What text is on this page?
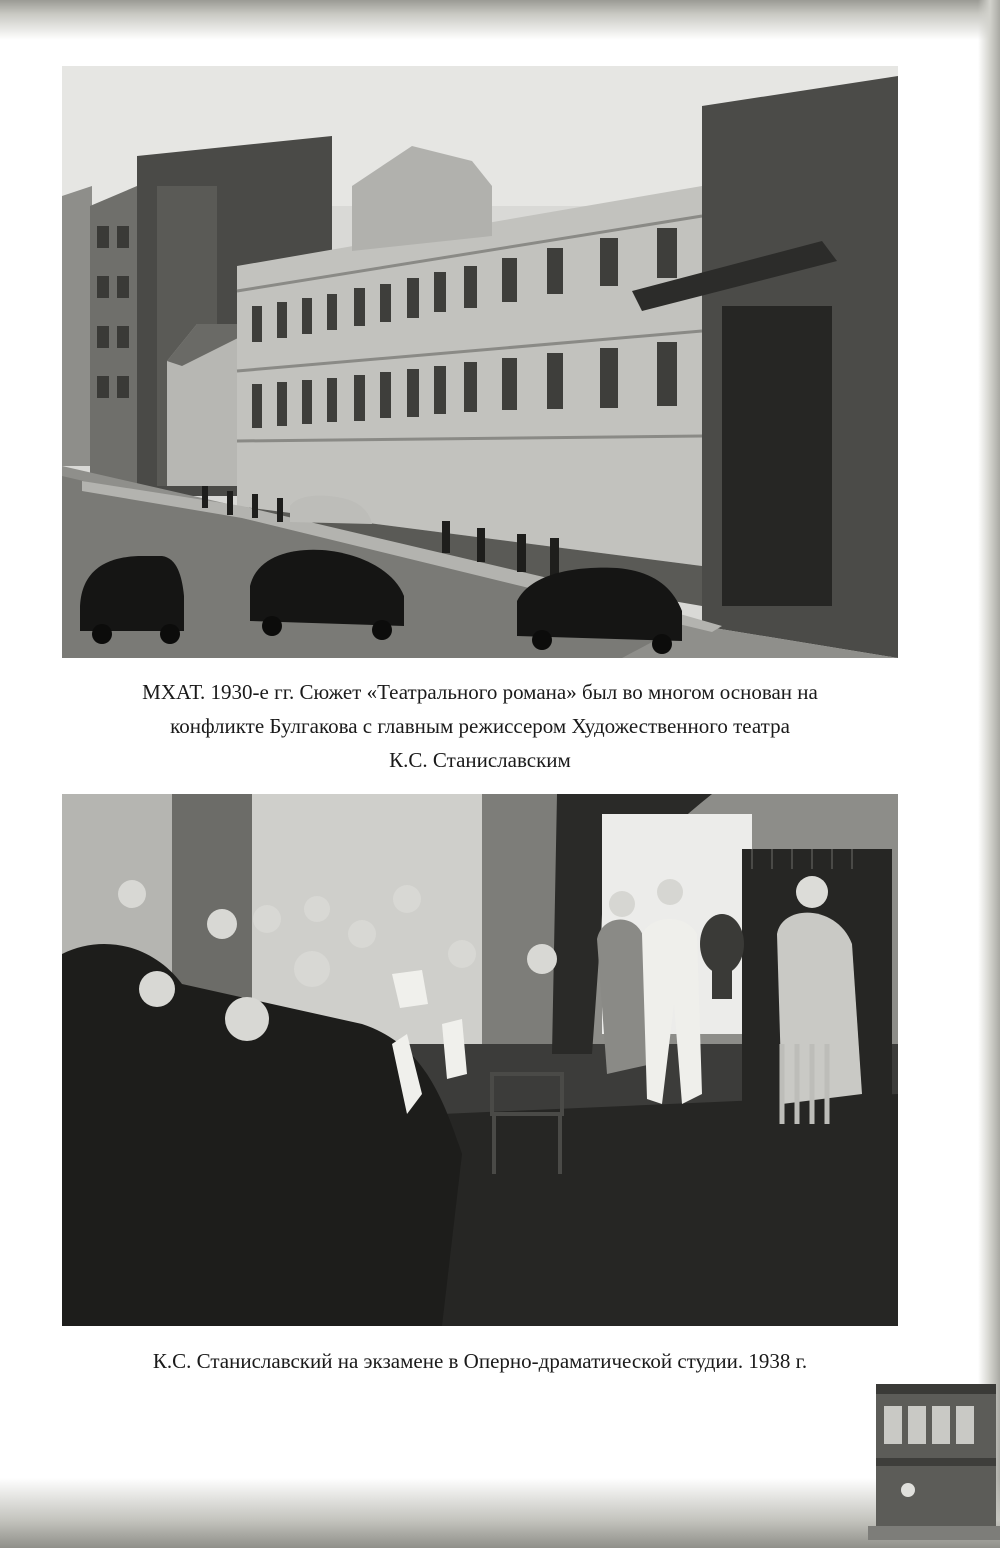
МХАТ. 1930-е гг. Сюжет «Театрального романа» был во многом основан на
конфликте Булгакова с главным режиссером Художественного театра
К.С. Станиславским
К.С. Станиславский на экзамене в Оперно-драматической студии. 1938 г.
